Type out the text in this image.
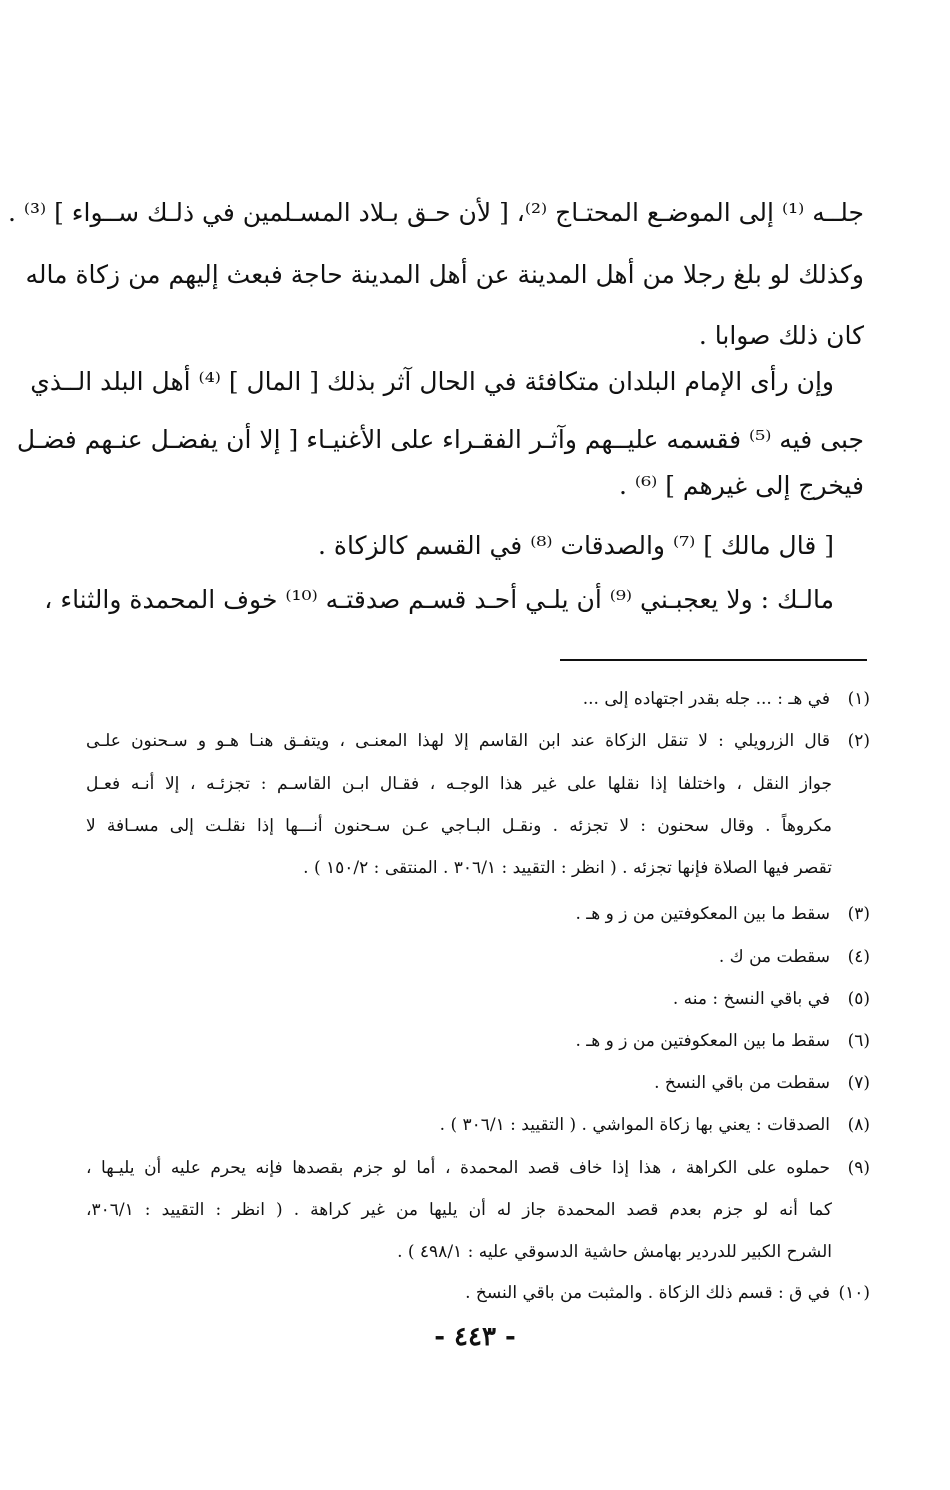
جلــه ⁽¹⁾ إلى الموضـع المحتـاج ⁽²⁾، [ لأن حـق بـلاد المسـلمين في ذلـك ســواء ] ⁽³⁾ .
وكذلك لو بلغ رجلا من أهل المدينة عن أهل المدينة حاجة فبعث إليهم من زكاة ماله
كان ذلك صوابا .
وإن رأى الإمام البلدان متكافئة في الحال آثر بذلك [ المال ] ⁽⁴⁾ أهل البلد الــذي
جبى فيه ⁽⁵⁾ فقسمه عليــهم وآثـر الفقـراء على الأغنيـاء [ إلا أن يفضـل عنـهم فضـل
فيخرج إلى غيرهم ] ⁽⁶⁾ .
[ قال مالك ] ⁽⁷⁾ والصدقات ⁽⁸⁾ في القسم كالزكاة .
مالـك : ولا يعجبـني ⁽⁹⁾ أن يلـي أحـد قسـم صدقتـه ⁽¹⁰⁾ خوف المحمدة والثناء ،
(١)في هـ : ... جله بقدر اجتهاده إلى ...
(٢)قال الزرويلي : لا تنقل الزكاة عند ابن القاسم إلا لهذا المعنـى ، ويتفـق هنـا هـو و سـحنون علـى
جواز النقل ، واختلفا إذا نقلها على غير هذا الوجـه ، فقـال ابـن القاسـم : تجزئـه ، إلا أنـه فعـل
مكروهاً . وقال سحنون : لا تجزئه . ونقـل البـاجي عـن سـحنون أنـــها إذا نقلـت إلى مسـافة لا
تقصر فيها الصلاة فإنها تجزئه . ( انظر : التقييد : ٣٠٦/١ . المنتقى : ١٥٠/٢ ) .
(٣)سقط ما بين المعكوفتين من ز و هـ .
(٤)سقطت من ك .
(٥)في باقي النسخ : منه .
(٦)سقط ما بين المعكوفتين من ز و هـ .
(٧)سقطت من باقي النسخ .
(٨)الصدقات : يعني بها زكاة المواشي . ( التقييد : ٣٠٦/١ ) .
(٩)حملوه على الكراهة ، هذا إذا خاف قصد المحمدة ، أما لو جزم بقصدها فإنه يحرم عليه أن يليـها ،
كما أنه لو جزم بعدم قصد المحمدة جاز له أن يليها من غير كراهة . ( انظر : التقييد : ٣٠٦/١،
الشرح الكبير للدردير بهامش حاشية الدسوقي عليه : ٤٩٨/١ ) .
(١٠)في ق : قسم ذلك الزكاة . والمثبت من باقي النسخ .
- ٤٤٣ -
